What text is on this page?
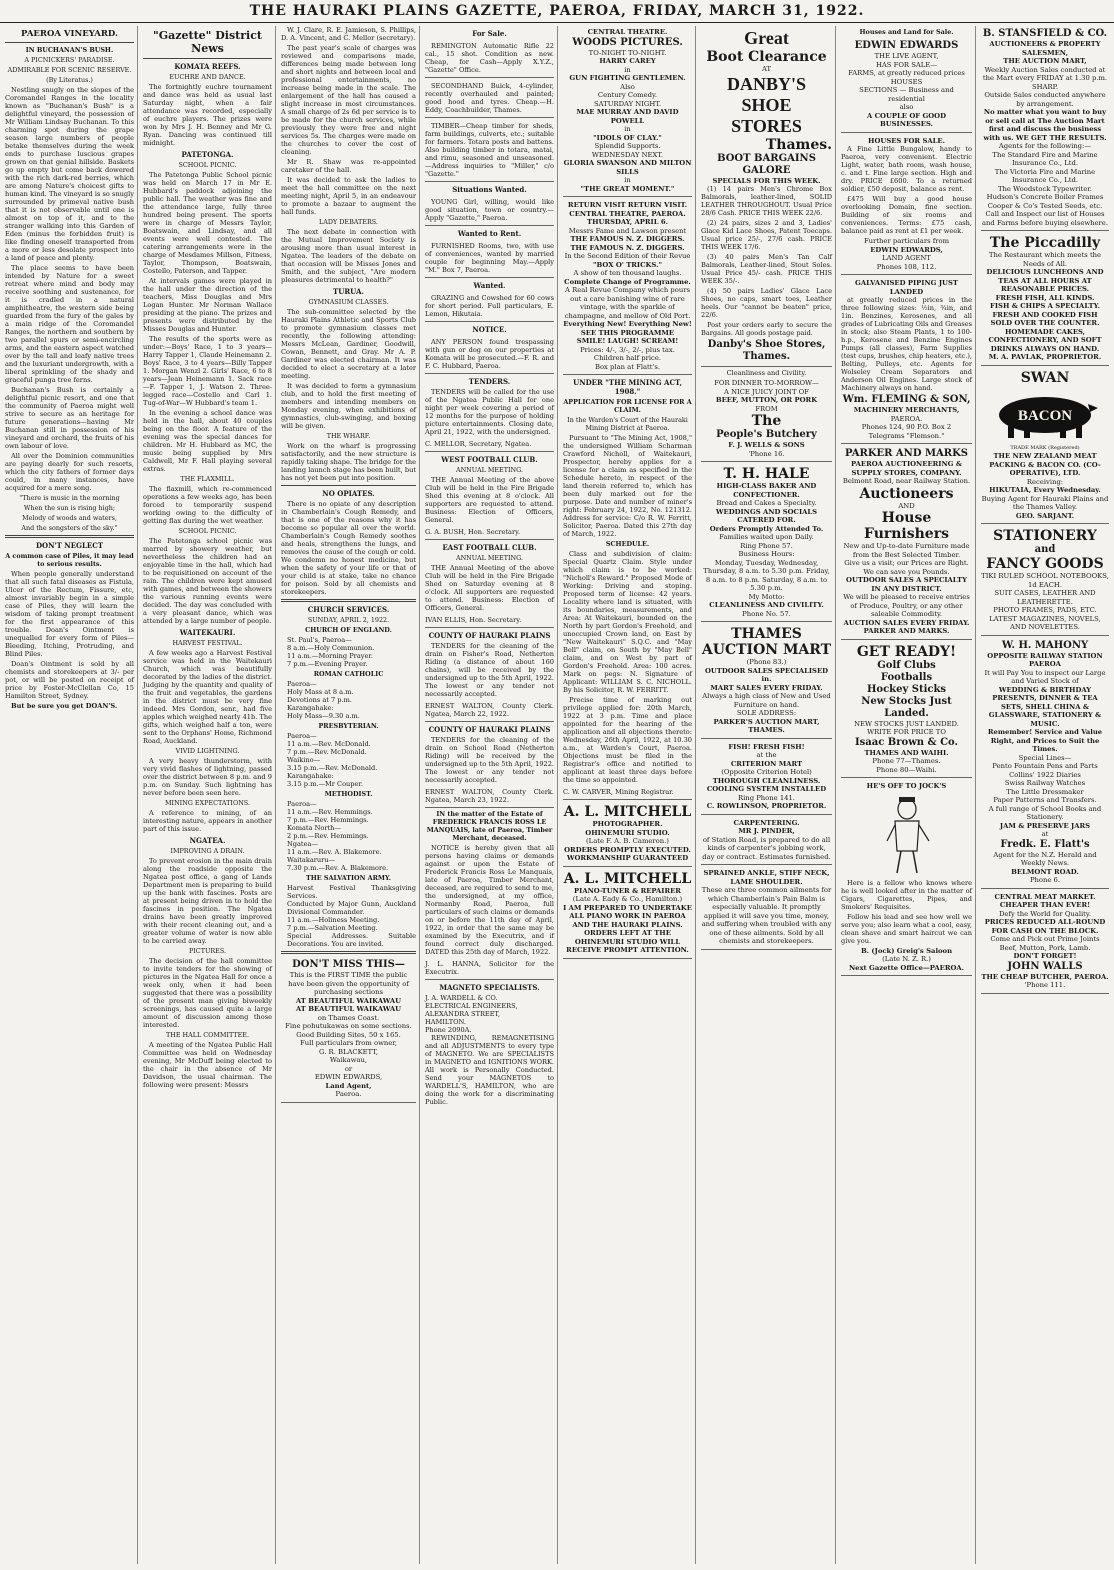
THE HAURAKI PLAINS GAZETTE, PAEROA, FRIDAY, MARCH 31, 1922.
PAEROA VINEYARD.
IN BUCHANAN'S BUSH.
A PICNICKERS' PARADISE.
ADMIRABLE FOR SCENIC RESERVE.
(By Literatus.)

Nestling snugly on the slopes of the Coromandel Ranges in the locality known as "Buchanan's Bush" is a delightful vineyard, the possession of Mr William Lindsay Buchanan. To this charming spot during the grape season large numbers of people betake themselves during the week ends to purchase luscious grapes grown on that genial hillside. Baskets go up empty but come back dowered with the rich dark-red berries, which are among Nature's choicest gifts to human kind. The vineyard is so snugly surrounded by primeval native bush that it is not observable until one is almost on top of it, and to the stranger walking into this Garden of Eden (minus the forbidden fruit) is like finding oneself transported from a more or less desolate prospect into a land of peace and plenty.

The place seems to have been intended by Nature for a sweet retreat where mind and body may receive soothing and sustenance, for it is cradled in a natural amphitheatre, the western side being guarded from the fury of the gales by a main ridge of the Coromandel Ranges, the northern and southern by two parallel spurs or semi-encircling arms, and the eastern aspect watched over by the tall and leafy native trees and the luxuriant undergrowth, with a liberal sprinkling of the shady and graceful punga tree ferns.

Buchanan's Bush is certainly a delightful picnic resort, and one that the community of Paeroa might well strive to secure as an heritage for future generations—having Mr Buchanan still in possession of his vineyard and orchard, the fruits of his own labour of love.

All over the Dominion communities are paying dearly for such resorts, which the city fathers of former days could, in many instances, have acquired for a mere song.

"There is music in the morning
When the sun is rising high;
Melody of woods and waters,
And the songsters of the sky."
DON'T NEGLECT
A common case of Piles, it may lead to serious results.

When people generally understand that all such fatal diseases as Fistula, Ulcer of the Rectum, Fissure, etc, almost invariably begin in a simple case of Piles, they will learn the wisdom of taking prompt treatment for the first appearance of this trouble. Doan's Ointment is unequalled for every form of Piles—Bleeding, Itching, Protruding, and Blind Piles.

Doan's Ointment is sold by all chemists and storekeepers at 3/- per pot, or will be posted on receipt of price by Foster-McClellan Co, 15 Hamilton Street, Sydney.

But be sure you get DOAN'S.

"Gazette" District News
KOMATA REEFS.
EUCHRE AND DANCE.

The fortnightly euchre tournament and dance was held as usual last Saturday night, when a fair attendance was recorded, especially of euchre players. The prizes were won by Mrs J. H. Benney and Mr G. Ryan. Dancing was continued till midnight.

PATETONGA.
SCHOOL PICNIC.

The Patetonga Public School picnic was held on March 17 in Mr E. Hubbard's paddock adjoining the public hall. The weather was fine and the attendance large, fully three hundred being present. The sports were in charge of Messrs Taylor, Boatswain, and Lindsay, and all events were well contested. The catering arrangements were in the charge of Mesdames Millson, Fitness, Taylor, Thompson, Boatswain, Costello, Paterson, and Tapper.

At intervals games were played in the hall under the direction of the teachers, Miss Douglas and Mrs Logan Hunter. Mr Norman Wallace presiding at the piano. The prizes and presents were distributed by the Misses Douglas and Hunter.

The results of the sports were as under:—Boys' Race, 1 to 3 years—Harry Tapper 1, Claude Heinemann 2. Boys' Race, 3 to 4 years—Billy Tapper 1. Morgan Wenzl 2. Girls' Race, 6 to 8 years—Jean Heinemann 1. Sack race—F. Tapper 1, J. Watson 2. Three-legged race—Costello and Carl 1. Tug-of-War—W Hubbard's team 1.

In the evening a school dance was held in the hall, about 40 couples being on the floor. A feature of the evening was the special dances for children. Mr H. Hubbard as MC, the music being supplied by Mrs Caldwell, Mr F. Hall playing several extras.

THE FLAXMILL.

The flaxmill, which re-commenced operations a few weeks ago, has been forced to temporarily suspend working owing to the difficulty of getting flax during the wet weather.

SCHOOL PICNIC.

The Patetonga school picnic was marred by showery weather, but nevertheless the children had an enjoyable time in the hall, which had to be requisitioned on account of the rain. The children were kept amused with games, and between the showers the various running events were decided. The day was concluded with a very pleasant dance, which was attended by a large number of people.

WAITEKAURI.
HARVEST FESTIVAL.

A few weeks ago a Harvest Festival service was held in the Waitekauri Church, which was beautifully decorated by the ladies of the district. Judging by the quantity and quality of the fruit and vegetables, the gardens in the district must be very fine indeed. Mrs Gordon, senr., had five apples which weighed nearly 41b. The gifts, which weighed half a ton, were sent to the Orphans' Home, Richmond Road, Auckland.

VIVID LIGHTNING.

A very heavy thunderstorm, with very vivid flashes of lightning, passed over the district between 8 p.m. and 9 p.m. on Sunday. Such lightning has never before been seen here.

MINING EXPECTATIONS.

A reference to mining, of an interesting nature, appears in another part of this issue.

NGATEA.
IMPROVING A DRAIN.

To prevent erosion in the main drain along the roadside opposite the Ngatea post office, a gang of Lands Department men is preparing to build up the bank with fascines. Posts are at present being driven in to hold the fascines in position. The Ngatea drains have been greatly improved with their recent cleaning out, and a greater volume of water is now able to be carried away.

PICTURES.

The decision of the hall committee to invite tenders for the showing of pictures in the Ngatea Hall for once a week only, when it had been suggested that there was a possibility of the present man giving biweekly screenings, has caused quite a large amount of discussion among those interested.

THE HALL COMMITTEE.

A meeting of the Ngatea Public Hall Committee was held on Wednesday evening, Mr McDuff being elected to the chair in the absence of Mr Davidson, the usual chairman. The following were present: Messrs

W. J. Clare, R. E. Jamieson, S. Phillips, D. A. Vincent, and C. Mellor (secretary).

The past year's scale of charges was reviewed and comparisons made, differences being made between long and short nights and between local and professional entertainments, no increase being made in the scale. The enlargement of the hall has caused a slight increase in most circumstances. A small charge of 2s 6d per service is to be made for the church services, while previously they were free and night services 5s. The charges were made on the churches to cover the cost of cleaning.

Mr R. Shaw was re-appointed caretaker of the hall.

It was decided to ask the ladies to meet the hall committee on the next meeting night, April 5, in an endeavour to promote a bazaar to augment the hall funds.

LADY DEBATERS.

The next debate in connection with the Mutual Improvement Society is arousing more than usual interest in Ngatea. The leaders of the debate on that occasion will be Misses Jones and Smith, and the subject, "Are modern pleasures detrimental to health?"

TURUA.
GYMNASIUM CLASSES.

The sub-committee selected by the Hauraki Plains Athletic and Sports Club to promote gymnasium classes met recently, the following attending: Messrs McLean, Gardiner, Goodwill, Cowan, Bennett, and Gray. Mr A. P. Gardiner was elected chairman. It was decided to elect a secretary at a later meeting.

It was decided to form a gymnasium club, and to hold the first meeting of members and intending members on Monday evening, when exhibitions of gymnastics, club-swinging, and boxing will be given.

THE WHARF.

Work on the wharf is progressing satisfactorily, and the new structure is rapidly taking shape. The bridge for the landing launch stage has been built, but has not yet been put into position.

NO OPIATES.

There is no opiate of any description in Chamberlain's Cough Remedy, and that is one of the reasons why it has become so popular all over the world. Chamberlain's Cough Remedy soothes and heals, strengthens the lungs, and removes the cause of the cough or cold. We condemn no honest medicine, but when the safety of your life or that of your child is at stake, take no chance for poison. Sold by all chemists and storekeepers.

CHURCH SERVICES.
SUNDAY, APRIL 2, 1922.
CHURCH OF ENGLAND.
St. Paul's, Paeroa—
8 a.m.—Holy Communion.
11 a.m.—Morning Prayer.
7 p.m.—Evening Prayer.
ROMAN CATHOLIC
Paeroa—
Holy Mass at 8 a.m.
Devotions at 7 p.m.
Karangahake:
Holy Mass—9.30 a.m.
PRESBYTERIAN.
Paeroa—
11 a.m.—Rev. McDonald.
7 p.m.—Rev. McDonald.
Waikino—
3.15 p.m.—Rev. McDonald.
Karangahake:
3.15 p.m.—Mr Couper.
METHODIST.
Paeroa—
11 a.m.—Rev. Hemmings.
7 p.m.—Rev. Hemmings.
Komata North—
2 p.m.—Rev. Hemmings.
Ngatea—
11 a.m.—Rev. A. Blakemore.
Waitakaruru—
7.30 p.m.—Rev. A. Blakemore.
THE SALVATION ARMY.
Harvest Festival Thanksgiving Services.
Conducted by Major Gunn, Auckland Divisional Commander.
11 a.m.—Holiness Meeting.
7 p.m.—Salvation Meeting.
Special Addresses. Suitable Decorations. You are invited.
DON'T MISS THIS—
This is the FIRST TIME the public have been given the opportunity of purchasing sections
AT BEAUTIFUL WAIKAWAU
AT BEAUTIFUL WAIKAWAU
on Thames Coast.
Fine pohutukawas on some sections.
Good Building Sites, 50 x 165.
Full particulars from owner,
G. R. BLACKETT,
Waikawau,
or
EDWIN EDWARDS,
Land Agent,
Paeroa.
For Sale.

REMINGTON Automatic Rifle 22 cal., 15 shot. Condition as new. Cheap, for Cash—Apply X.Y.Z., "Gazette" Office.

SECONDHAND Buick, 4-cylinder, recently overhauled and painted; good hood and tyres. Cheap.—H. Eddy, Coachbuilder, Thames.

TIMBER—Cheap timber for sheds, farm buildings, culverts, etc.; suitable for farmers. Totara posts and battens. Also building timber in totara, matai, and rimu, seasoned and unseasoned.—Address inquiries to "Miller," c/o "Gazette."

Situations Wanted.

YOUNG Girl, willing, would like good situation, town or country.—Apply "Gazette," Paeroa.

Wanted to Rent.

FURNISHED Rooms, two, with use of conveniences, wanted by married couple for beginning May.—Apply "M." Box 7, Paeroa.

Wanted.

GRAZING and Cowshed for 60 cows for short period. Full particulars, E. Lemon, Hikutaia.

NOTICE.

ANY PERSON found trespassing with gun or dog on our properties at Komata will be prosecuted.—F. R. and F. C. Hubbard, Paeroa.

TENDERS.

TENDERS will be called for the use of the Ngatea Public Hall for one night per week covering a period of 12 months for the purpose of holding picture entertainments. Closing date, April 21, 1922, with the undersigned.

C. MELLOR, Secretary, Ngatea.
WEST FOOTBALL CLUB.
ANNUAL MEETING.

THE Annual Meeting of the above Club will be held in the Fire Brigade Shed this evening at 8 o'clock. All supporters are requested to attend. Business: Election of Officers, General.

G. A. BUSH, Hon. Secretary.
EAST FOOTBALL CLUB.
ANNUAL MEETING.

THE Annual Meeting of the above Club will be held in the Fire Brigade Shed on Saturday evening at 8 o'clock. All supporters are requested to attend. Business: Election of Officers, General.

IVAN ELLIS, Hon. Secretary.
COUNTY OF HAURAKI PLAINS

TENDERS for the cleaning of the drain on Fisher's Road, Netherton Riding (a distance of about 160 chains), will be received by the undersigned up to the 5th April, 1922. The lowest or any tender not necessarily accepted.

ERNEST WALTON, County Clerk. Ngatea, March 22, 1922.
COUNTY OF HAURAKI PLAINS

TENDERS for the cleaning of the drain on School Road (Netherton Riding) will be received by the undersigned up to the 5th April, 1922. The lowest or any tender not necessarily accepted.

ERNEST WALTON, County Clerk. Ngatea, March 23, 1922.
IN the matter of the Estate of FREDERICK FRANCIS ROSS LE MANQUAIS, late of Paeroa, Timber Merchant, deceased.

NOTICE is hereby given that all persons having claims or demands against or upon the Estate of Frederick Francis Ross Le Manquais, late of Paeroa, Timber Merchant, deceased, are required to send to me, the undersigned, at my office, Normanby Road, Paeroa, full particulars of such claims or demands on or before the 11th day of April, 1922, in order that the same may be examined by the Executrix, and if found correct duly discharged. DATED this 25th day of March, 1922.

J. L. HANNA, Solicitor for the Executrix.
MAGNETO SPECIALISTS.
J. A. WARDELL & CO.
ELECTRICAL ENGINEERS,
ALEXANDRA STREET,
HAMILTON.
Phone 2090A.

REWINDING, REMAGNETISING and all ADJUSTMENTS to every type of MAGNETO. We are SPECIALISTS in MAGNETO and IGNITIONS WORK. All work is Personally Conducted. Send your MAGNETOS to WARDELL'S, HAMILTON, who are doing the work for a discriminating Public.

CENTRAL THEATRE.
WOODS PICTURES.
TO-NIGHT TO-NIGHT.
HARRY CAREY
in
GUN FIGHTING GENTLEMEN.
Also
Century Comedy.
SATURDAY NIGHT.
MAE MURRAY AND DAVID POWELL
in
"IDOLS OF CLAY."
Splendid Supports.
WEDNESDAY NEXT.
GLORIA SWANSON AND MILTON SILLS
in
"THE GREAT MOMENT."
RETURN VISIT RETURN VISIT.
CENTRAL THEATRE, PAEROA.
THURSDAY, APRIL 6.
Messrs Fame and Lawson present
THE FAMOUS N. Z. DIGGERS.
THE FAMOUS N. Z. DIGGERS.
In the Second Edition of their Revue
"BOX O' TRICKS."
A show of ten thousand laughs.
Complete Change of Programme.
A Real Revue Company which pours out a care banishing wine of rare vintage, with the sparkle of champagne, and mellow of Old Port.
Everything New! Everything New!
SEE THIS PROGRAMME
SMILE! LAUGH! SCREAM!
Prices: 4/-, 3/-, 2/-, plus tax.
Children half price.
Box plan at Flatt's.
UNDER "THE MINING ACT, 1908."
APPLICATION FOR LICENSE FOR A CLAIM.
In the Warden's Court of the Hauraki Mining District at Paeroa.

Pursuant to "The Mining Act, 1908," the undersigned William Scharman Crawford Nicholl, of Waitekauri, Prospector, hereby applies for a license for a claim as specified in the Schedule hereto, in respect of the land therein referred to, which has been duly marked out for the purpose. Date and number of miner's right: February 24, 1922, No. 121312. Address for service: C/o R. W. Ferritt, Solicitor, Paeroa. Dated this 27th day of March, 1922.

SCHEDULE.

Class and subdivision of claim: Special Quartz Claim. Style under which claim is to be worked: "Nicholl's Reward." Proposed Mode of Working: Driving and stoping. Proposed term of license: 42 years. Locality where land is situated, with its boundaries, measurements, and Area: At Waitekauri, bounded on the North by part Gordon's Freehold, and unoccupied Crown land, on East by "New Waitekauri" S.Q.C. and "May Bell" claim, on South by "May Bell" claim, and on West by part of Gordon's Freehold. Area: 100 acres. Mark on pegs: N. Signature of Applicant: WILLIAM S. C. NICHOLL. By his Solicitor, R. W. FERRITT.

Precise time of marking out privilege applied for: 20th March, 1922 at 3 p.m. Time and place appointed for the hearing of the application and all objections thereto: Wednesday, 26th April, 1922, at 10.30 a.m., at Warden's Court, Paeroa. Objections must be filed in the Registrar's office and notified to applicant at least three days before the time so appointed.

C. W. CARVER, Mining Registrar.
A. L. MITCHELL
PHOTOGRAPHER.
OHINEMURI STUDIO.
(Late F. A. B. Cameron.)
ORDERS PROMPTLY EXECUTED.
WORKMANSHIP GUARANTEED
A. L. MITCHELL
PIANO-TUNER & REPAIRER
(Late A. Eady & Co., Hamilton.)
I AM PREPARED TO UNDERTAKE ALL PIANO WORK IN PAEROA AND THE HAURAKI PLAINS.
ORDERS LEFT AT THE OHINEMURI STUDIO WILL RECEIVE PROMPT ATTENTION.
Great
Boot Clearance
AT
DANBY'S
SHOE
STORES
Thames.
BOOT BARGAINS GALORE
SPECIALS FOR THIS WEEK.

(1) 14 pairs Men's Chrome Box Balmorals, leather-lined, SOLID LEATHER THROUGHOUT. Usual Price 28/6 Cash. PRICE THIS WEEK 22/6.

(2) 24 pairs, sizes 2 and 3, Ladies' Glace Kid Lace Shoes, Patent Toecaps. Usual price 25/-, 27/6 cash. PRICE THIS WEEK 17/6.

(3) 40 pairs Men's Tan Calf Balmorals, Leather-lined, Stout Soles. Usual Price 45/- cash. PRICE THIS WEEK 35/-.

(4) 50 pairs Ladies' Glace Lace Shoes, no caps, smart toes, Leather heels. Our "cannot be beaten" price, 22/6.

Post your orders early to secure the Bargains. All goods postage paid.

Danby's Shoe Stores, Thames.
Cleanliness and Civility.
FOR DINNER TO-MORROW—
A NICE JUICY JOINT OF
BEEF, MUTTON, OR PORK
FROM
The
People's Butchery
F. J. WELLS & SONS
'Phone 16.
T. H. HALE
HIGH-CLASS BAKER AND CONFECTIONER.
Bread and Cakes a Specialty.
WEDDINGS AND SOCIALS CATERED FOR.
Orders Promptly Attended To.
Families waited upon Daily.
Ring Phone 57.
Business Hours:
Monday, Tuesday, Wednesday, Thursday, 8 a.m. to 5.30 p.m. Friday, 8 a.m. to 8 p.m. Saturday, 8 a.m. to 5.30 p.m.
My Motto:
CLEANLINESS AND CIVILITY.
Phone No. 57.
THAMES AUCTION MART
(Phone 83.)
OUTDOOR SALES SPECIALISED in.
MART SALES EVERY FRIDAY.
Always a high class of New and Used Furniture on hand.
SOLE ADDRESS:
PARKER'S AUCTION MART, THAMES.
FISH! FRESH FISH!
at the
CRITERION MART
(Opposite Criterion Hotel)
THOROUGH CLEANLINESS.
COOLING SYSTEM INSTALLED
Ring Phone 141.
C. ROWLINSON, PROPRIETOR.
CARPENTERING.
MR J. PINDER,
of Station Road, is prepared to do all kinds of carpenter's jobbing work, day or contract. Estimates furnished.
SPRAINED ANKLE, STIFF NECK, LAME SHOULDER.
These are three common ailments for which Chamberlain's Pain Balm is especially valuable. It promptly applied it will save you time, money, and suffering when troubled with any one of these ailments. Sold by all chemists and storekeepers.
Houses and Land for Sale.
EDWIN EDWARDS
THE LIVE AGENT,
HAS FOR SALE—
FARMS, at greatly reduced prices
HOUSES
SECTIONS — Business and residential
also
A COUPLE OF GOOD BUSINESSES.
HOUSES FOR SALE.

A Fine Little Bungalow, handy to Paeroa, very convenient. Electric Light, water, bath room, wash house, c. and t. Fine large section. High and dry. PRICE £600. To a returned soldier, £50 deposit, balance as rent.

£475 Will buy a good house overlooking Domain, fine section. Building of six rooms and conveniences. Terms: £75 cash, balance paid as rent at £1 per week.

Further particulars from
EDWIN EDWARDS,
LAND AGENT
Phones 108, 112.
GALVANISED PIPING JUST LANDED

at greatly reduced prices in the three following sizes: ½in, ¾in, and 1in. Benzines, Kerosenes, and all grades of Lubricating Oils and Greases in stock; also Steam Plants, 1 to 100-h.p., Kerosene and Benzine Engines Pumps (all classes), Farm Supplies (test cups, brushes, chip heaters, etc.), Belting, Pulleys, etc. Agents for Wolseley Cream Separators and Anderson Oil Engines. Large stock of Machinery always on hand.

Wm. FLEMING & SON,
MACHINERY MERCHANTS,
PAEROA.
Phones 124, 90 P.O. Box 2
Telegrams "Flemson."
PARKER AND MARKS
PAEROA AUCTIONEERING & SUPPLY STORES, COMPANY.
Belmont Road, near Railway Station.
Auctioneers
AND
House Furnishers
New and Up-to-date Furniture made from the Best Selected Timber.
Give us a visit; our Prices are Right. We can save you Pounds.
OUTDOOR SALES A SPECIALTY IN ANY DISTRICT.
We will be pleased to receive entries of Produce, Poultry, or any other saleable Commodity.
AUCTION SALES EVERY FRIDAY.
PARKER AND MARKS.
GET READY!
Golf Clubs
Footballs
Hockey Sticks
New Stocks Just
Landed.
NEW STOCKS JUST LANDED.
WRITE FOR PRICE TO
Isaac Brown & Co.
THAMES AND WAIHI.
Phone 77—Thames.
Phone 80—Waihi.
HE'S OFF TO JOCK'S

Here is a fellow who knows where he is well looked after in the matter of Cigars, Cigarettes, Pipes, and Smokers' Requisites.

Follow his lead and see how well we serve you; also learn what a cool, easy, clean shave and smart haircut we can give you.

B. (Jock) Greig's Saloon
(Late N. Z. R.)
Next Gazette Office—PAEROA.
B. STANSFIELD & CO.
AUCTIONEERS & PROPERTY SALESMEN,
THE AUCTION MART,
Weekly Auction Sales conducted at the Mart every FRIDAY at 1.30 p.m. SHARP.
Outside Sales conducted anywhere by arrangement.
No matter what you want to buy or sell call at The Auction Mart first and discuss the business with us. WE GET THE RESULTS.
Agents for the following:—
The Standard Fire and Marine Insurance Co., Ltd.
The Victoria Fire and Marine Insurance Co., Ltd.
The Woodstock Typewriter.
Hudson's Concrete Boiler Frames Cooper & Co's Tested Seeds, etc.
Call and Inspect our list of Houses and Farms before buying elsewhere.
The Piccadilly
The Restaurant which meets the Needs of All.
DELICIOUS LUNCHEONS AND TEAS AT ALL HOURS AT REASONABLE PRICES.
FRESH FISH, ALL KINDS.
FISH & CHIPS A SPECIALTY.
FRESH AND COOKED FISH SOLD OVER THE COUNTER.
HOMEMADE CAKES, CONFECTIONERY, AND SOFT DRINKS ALWAYS ON HAND.
M. A. PAVLAK, PROPRIETOR.
SWAN
BACON
TRADE MARK (Registered)
THE NEW ZEALAND MEAT PACKING & BACON CO. (CO-OPERATIVE), LTD.
Receiving:
HIKUTAIA, Every Wednesday.
Buying Agent for Hauraki Plains and the Thames Valley.
GEO. SARJANT.
STATIONERY
and
FANCY GOODS
TIKI RULED SCHOOL NOTEBOOKS, 1d EACH.
SUIT CASES, LEATHER AND LEATHERETTE.
PHOTO FRAMES, PADS, ETC.
LATEST MAGAZINES, NOVELS, AND NOVELETTES.
W. H. MAHONY
OPPOSITE RAILWAY STATION
PAEROA
It will Pay You to inspect our Large and Varied Stock of
WEDDING & BIRTHDAY PRESENTS, DINNER & TEA SETS, SHELL CHINA & GLASSWARE, STATIONERY & MUSIC.
Remember! Service and Value Right, and Prices to Suit the Times.
Special Lines—
Pento Fountain Pens and Parts
Collins' 1922 Diaries
Swiss Railway Watches
The Little Dressmaker
Paper Patterns and Transfers.
A full range of School Books and Stationery.
JAM & PRESERVE JARS
at
Fredk. E. Flatt's
Agent for the N.Z. Herald and Weekly News.
BELMONT ROAD.
Phone 6.
CENTRAL MEAT MARKET.
CHEAPER THAN EVER!
Defy the World for Quality.
PRICES REDUCED ALL-ROUND FOR CASH ON THE BLOCK.
Come and Pick out Prime Joints
Beef, Mutton, Pork, Lamb.
DON'T FORGET!
JOHN WALLS
THE CHEAP BUTCHER, PAEROA.
'Phone 111.
